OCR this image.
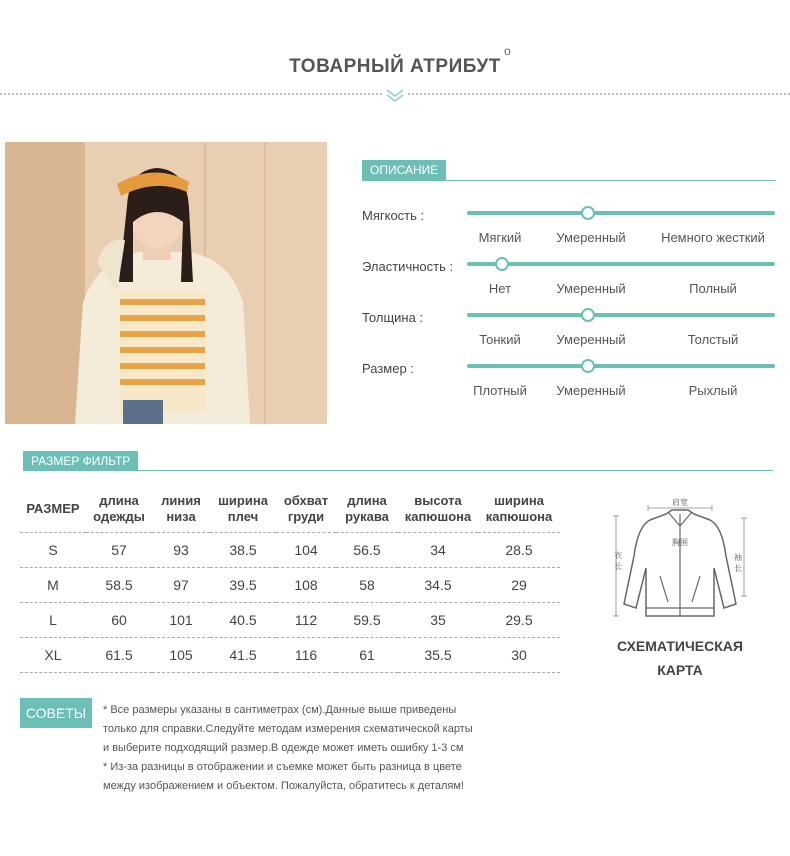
ТОВАРНЫЙ АТРИБУТ
o
ОПИСАНИЕ
Мягкость :
Мягкий	Умеренный	Немного жесткий
Эластичность :
Нет	Умеренный	Полный
Толщина :
Тонкий	Умеренный	Толстый
Размер :
Плотный	Умеренный	Рыхлый
РАЗМЕР ФИЛЬТР
РАЗМЕР	длина одежды	линия низа	ширина плеч	обхват груди	длина рукава	высота капюшона	ширина капюшона
S	57	93	38.5	104	56.5	34	28.5
M	58.5	97	39.5	108	58	34.5	29
L	60	101	40.5	112	59.5	35	29.5
XL	61.5	105	41.5	116	61	35.5	30
肩宽
胸围
衣长
袖长
СХЕМАТИЧЕСКАЯ
КАРТА
СОВЕТЫ	* Все размеры указаны в сантиметрах (см).Данные выше приведены
только для справки.Следуйте методам измерения схематической карты
и выберите подходящий размер.В одежде может иметь ошибку 1-3 см
* Из-за разницы в отображении и съемке может быть разница в цвете
между изображением и объектом. Пожалуйста, обратитесь к деталям!
